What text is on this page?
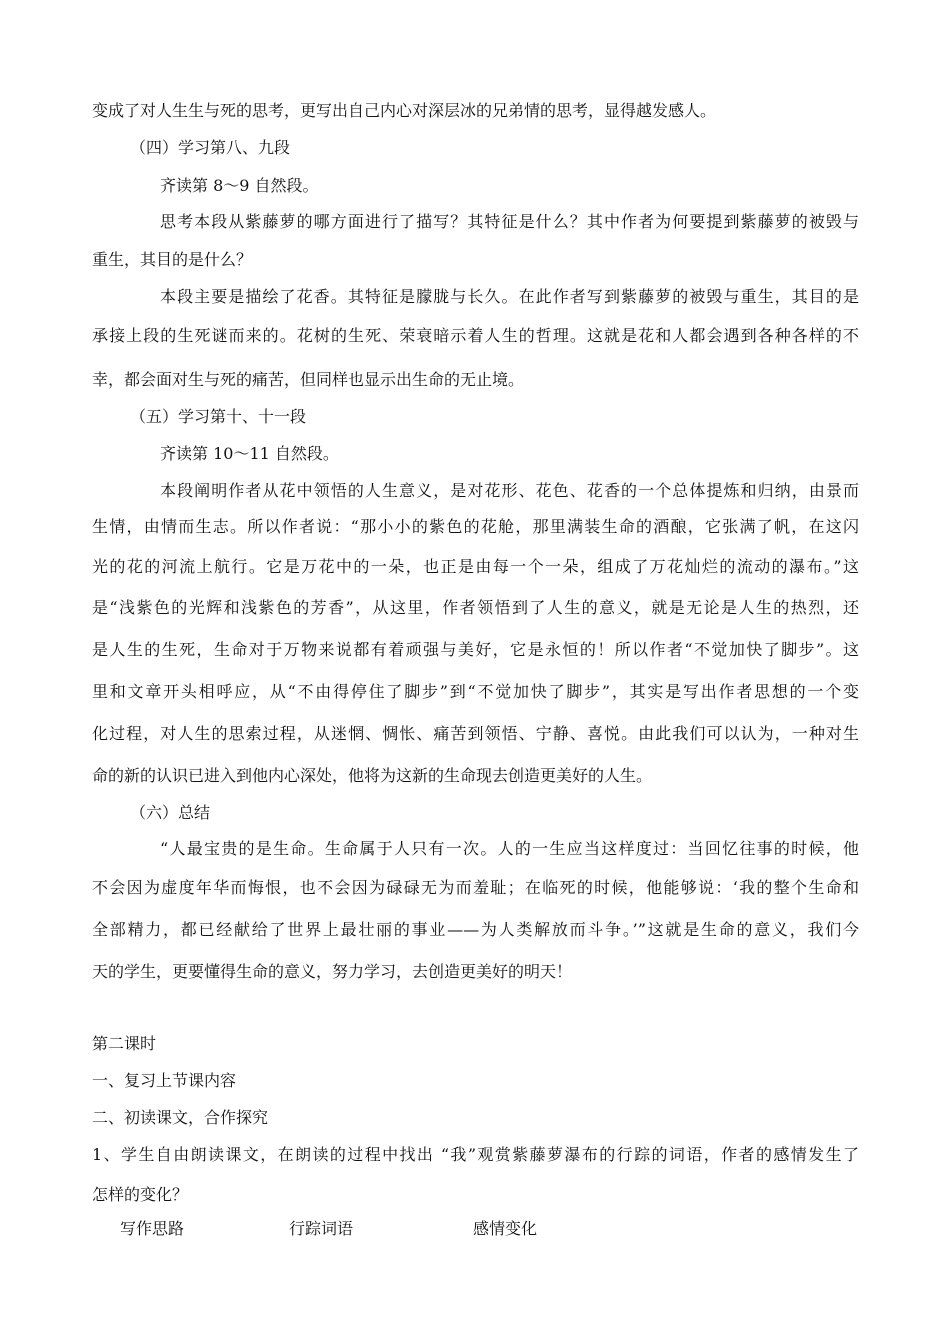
变成了对人生生与死的思考，更写出自己内心对深层冰的兄弟情的思考，显得越发感人。
（四）学习第八、九段
齐读第 8～9 自然段。
思考本段从紫藤萝的哪方面进行了描写？其特征是什么？其中作者为何要提到紫藤萝的被毁与
重生，其目的是什么？
本段主要是描绘了花香。其特征是朦胧与长久。在此作者写到紫藤萝的被毁与重生，其目的是
承接上段的生死谜而来的。花树的生死、荣衰暗示着人生的哲理。这就是花和人都会遇到各种各样的不
幸，都会面对生与死的痛苦，但同样也显示出生命的无止境。
（五）学习第十、十一段
齐读第 10～11 自然段。
本段阐明作者从花中领悟的人生意义，是对花形、花色、花香的一个总体提炼和归纳，由景而
生情，由情而生志。所以作者说：“那小小的紫色的花舱，那里满装生命的酒酿，它张满了帆，在这闪
光的花的河流上航行。它是万花中的一朵，也正是由每一个一朵，组成了万花灿烂的流动的瀑布。”这
是“浅紫色的光辉和浅紫色的芳香”，从这里，作者领悟到了人生的意义，就是无论是人生的热烈，还
是人生的生死，生命对于万物来说都有着顽强与美好，它是永恒的！所以作者“不觉加快了脚步”。这
里和文章开头相呼应，从“不由得停住了脚步”到“不觉加快了脚步”，其实是写出作者思想的一个变
化过程，对人生的思索过程，从迷惘、惆怅、痛苦到领悟、宁静、喜悦。由此我们可以认为，一种对生
命的新的认识已进入到他内心深处，他将为这新的生命现去创造更美好的人生。
（六）总结
“人最宝贵的是生命。生命属于人只有一次。人的一生应当这样度过：当回忆往事的时候，他
不会因为虚度年华而悔恨，也不会因为碌碌无为而羞耻；在临死的时候，他能够说：‘我的整个生命和
全部精力，都已经献给了世界上最壮丽的事业——为人类解放而斗争。’”这就是生命的意义，我们今
天的学生，更要懂得生命的意义，努力学习，去创造更美好的明天！
第二课时
一、复习上节课内容
二、初读课文，合作探究
1、学生自由朗读课文，在朗读的过程中找出 “我”观赏紫藤萝瀑布的行踪的词语，作者的感情发生了
怎样的变化？
写作思路	行踪词语	感情变化
